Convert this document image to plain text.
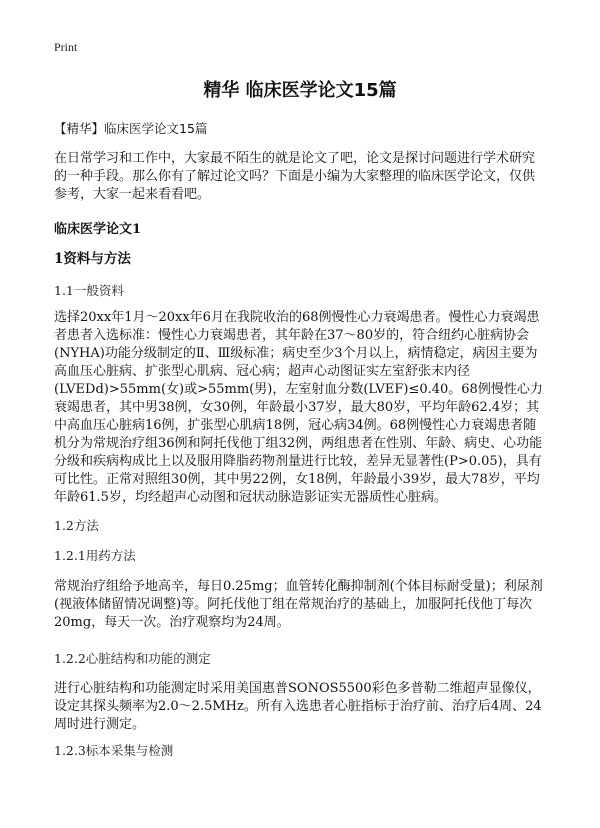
Print
精华 临床医学论文15篇
【精华】临床医学论文15篇
在日常学习和工作中，大家最不陌生的就是论文了吧，论文是探讨问题进行学术研究的一种手段。那么你有了解过论文吗？下面是小编为大家整理的临床医学论文，仅供参考，大家一起来看看吧。
临床医学论文1
1资料与方法
1.1一般资料
选择20xx年1月～20xx年6月在我院收治的68例慢性心力衰竭患者。慢性心力衰竭患者患者入选标准：慢性心力衰竭患者，其年龄在37～80岁的，符合纽约心脏病协会(NYHA)功能分级制定的Ⅱ、Ⅲ级标准；病史至少3个月以上，病情稳定，病因主要为高血压心脏病、扩张型心肌病、冠心病；超声心动图证实左室舒张末内径(LVEDd)>55mm(女)或>55mm(男)，左室射血分数(LVEF)≤0.40。68例慢性心力衰竭患者，其中男38例，女30例，年龄最小37岁，最大80岁，平均年龄62.4岁；其中高血压心脏病16例，扩张型心肌病18例，冠心病34例。68例慢性心力衰竭患者随机分为常规治疗组36例和阿托伐他丁组32例，两组患者在性别、年龄、病史、心功能分级和疾病构成比上以及服用降脂药物剂量进行比较，差异无显著性(P>0.05)，具有可比性。正常对照组30例，其中男22例，女18例，年龄最小39岁，最大78岁，平均年龄61.5岁，均经超声心动图和冠状动脉造影证实无器质性心脏病。
1.2方法
1.2.1用药方法
常规治疗组给予地高辛，每日0.25mg；血管转化酶抑制剂(个体目标耐受量)；利尿剂(视液体储留情况调整)等。阿托伐他丁组在常规治疗的基础上，加服阿托伐他丁每次20mg，每天一次。治疗观察均为24周。
1.2.2心脏结构和功能的测定
进行心脏结构和功能测定时采用美国惠普SONOS5500彩色多普勒二维超声显像仪，设定其探头频率为2.0～2.5MHz。所有入选患者心脏指标于治疗前、治疗后4周、24周时进行测定。
1.2.3标本采集与检测
